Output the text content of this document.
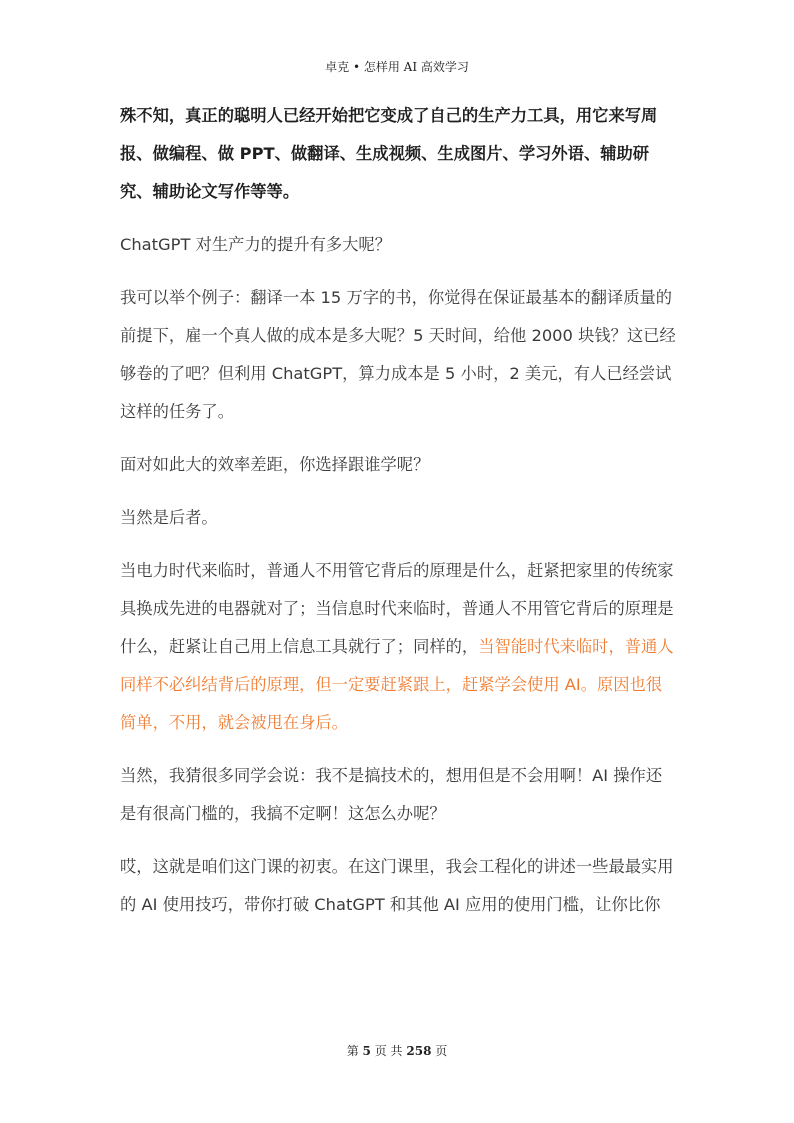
卓克 • 怎样用 AI 高效学习

殊不知，真正的聪明人已经开始把它变成了自己的生产力工具，用它来写周报、做编程、做 PPT、做翻译、生成视频、生成图片、学习外语、辅助研究、辅助论文写作等等。

ChatGPT 对生产力的提升有多大呢？

我可以举个例子：翻译一本 15 万字的书，你觉得在保证最基本的翻译质量的前提下，雇一个真人做的成本是多大呢？5 天时间，给他 2000 块钱？这已经够卷的了吧？但利用 ChatGPT，算力成本是 5 小时，2 美元，有人已经尝试这样的任务了。

面对如此大的效率差距，你选择跟谁学呢？

当然是后者。

当电力时代来临时，普通人不用管它背后的原理是什么，赶紧把家里的传统家具换成先进的电器就对了；当信息时代来临时，普通人不用管它背后的原理是什么，赶紧让自己用上信息工具就行了；同样的，当智能时代来临时，普通人同样不必纠结背后的原理，但一定要赶紧跟上，赶紧学会使用 AI。原因也很简单，不用，就会被甩在身后。

当然，我猜很多同学会说：我不是搞技术的，想用但是不会用啊！AI 操作还是有很高门槛的，我搞不定啊！这怎么办呢？

哎，这就是咱们这门课的初衷。在这门课里，我会工程化的讲述一些最最实用的 AI 使用技巧，带你打破 ChatGPT 和其他 AI 应用的使用门槛，让你比你

第 5 页 共 258 页
